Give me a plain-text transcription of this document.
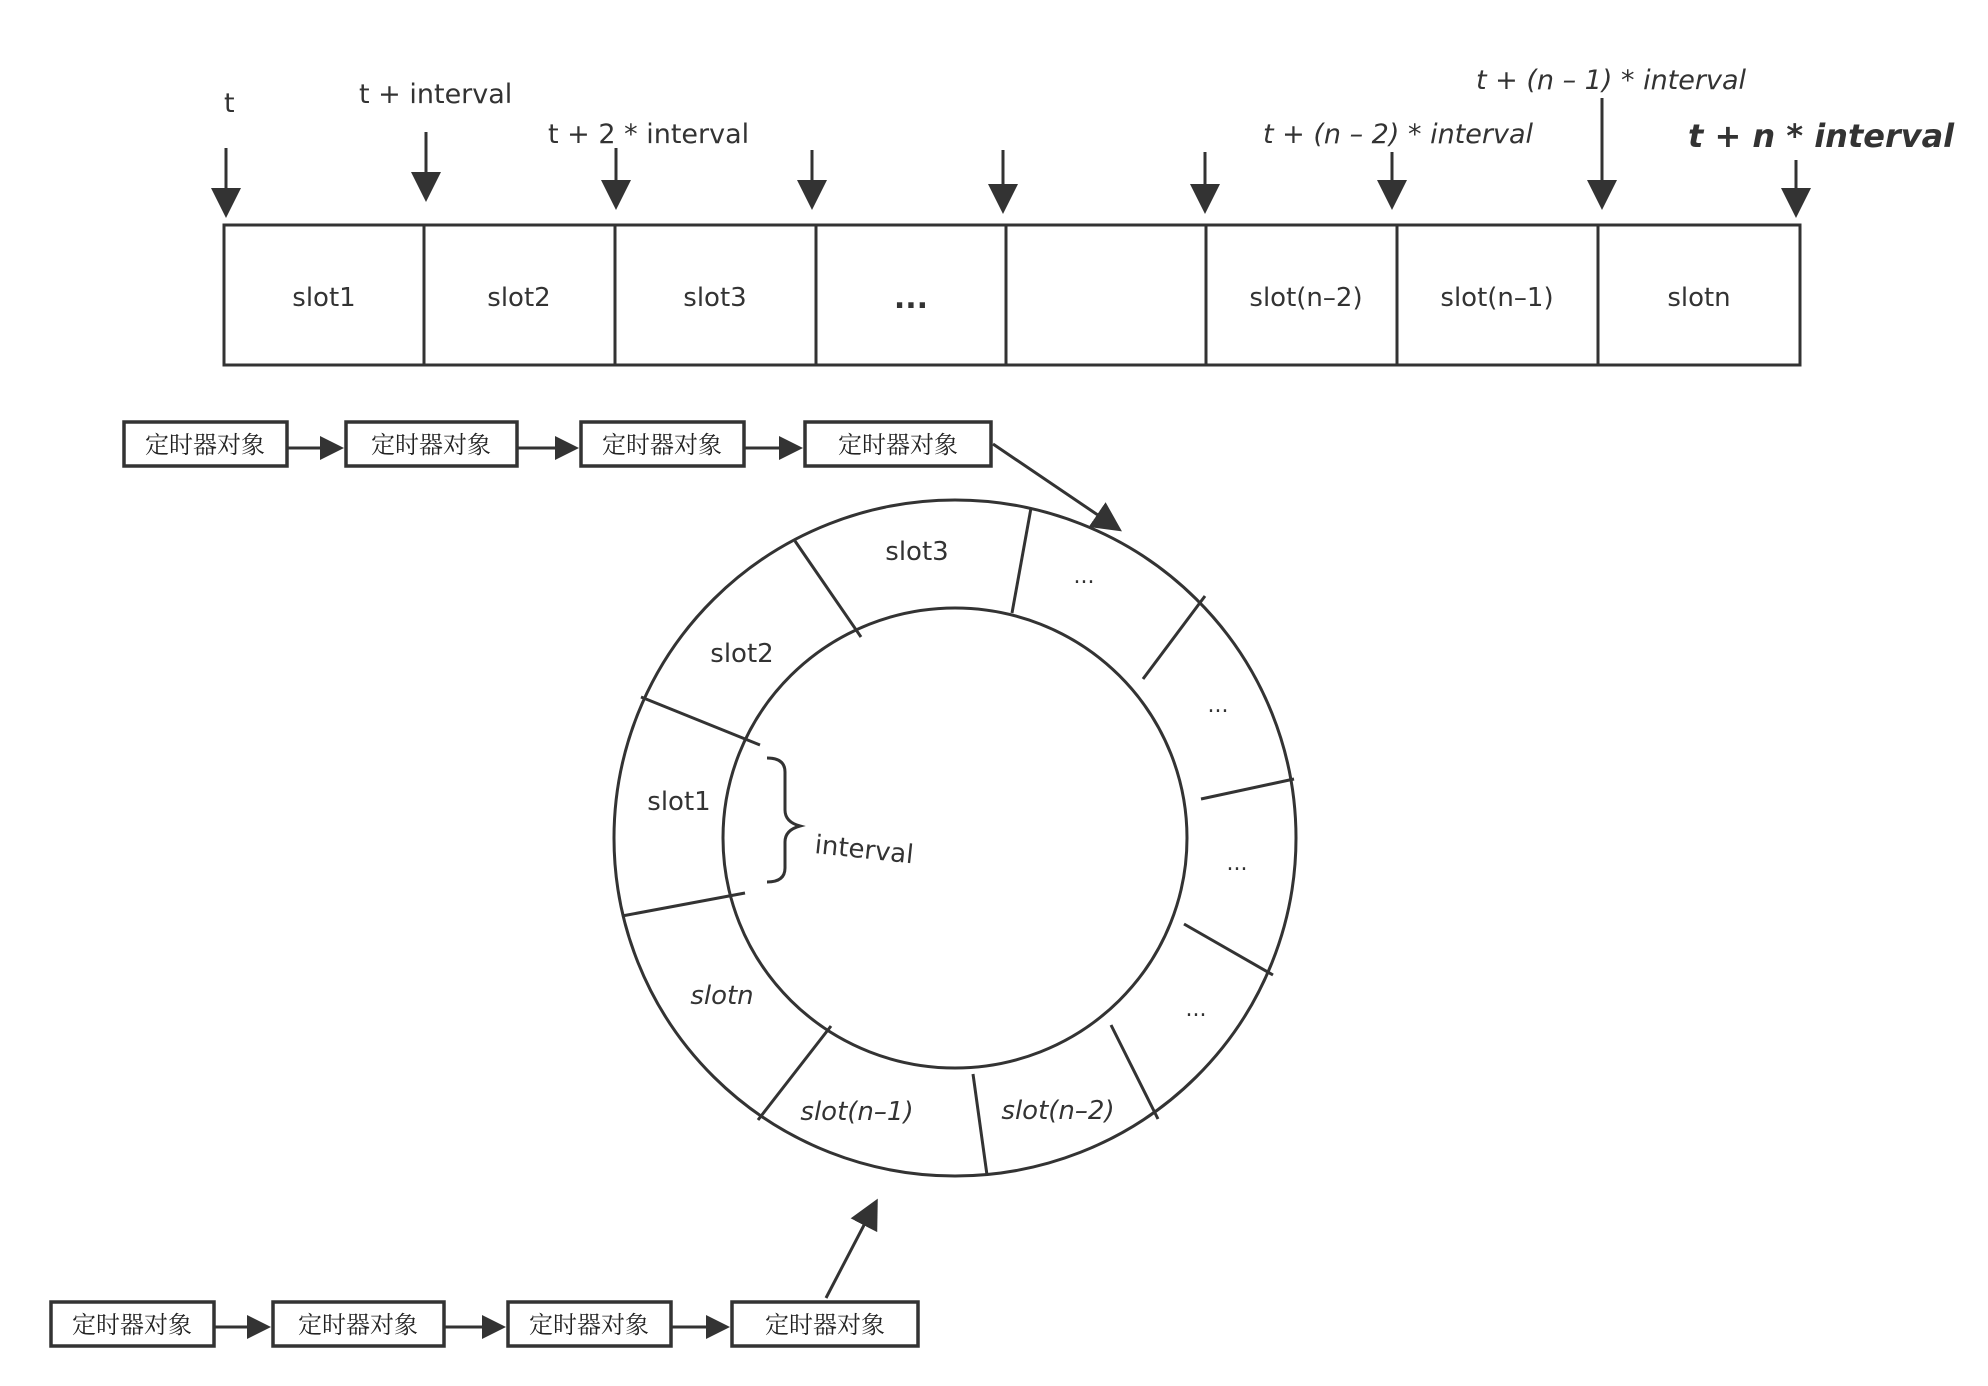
t	t + interval
t + 2 * interval	t + (n – 2) * interval
t + (n – 1) * interval
t + n * interval
slot1	slot2	slot3	...	slot(n–2)	slot(n–1)	slotn
定时器对象	定时器对象	定时器对象	定时器对象
slot3
slot2
slot1
slotn
slot(n–1)	slot(n–2)
...
...
...
...
interval
定时器对象	定时器对象	定时器对象	定时器对象
